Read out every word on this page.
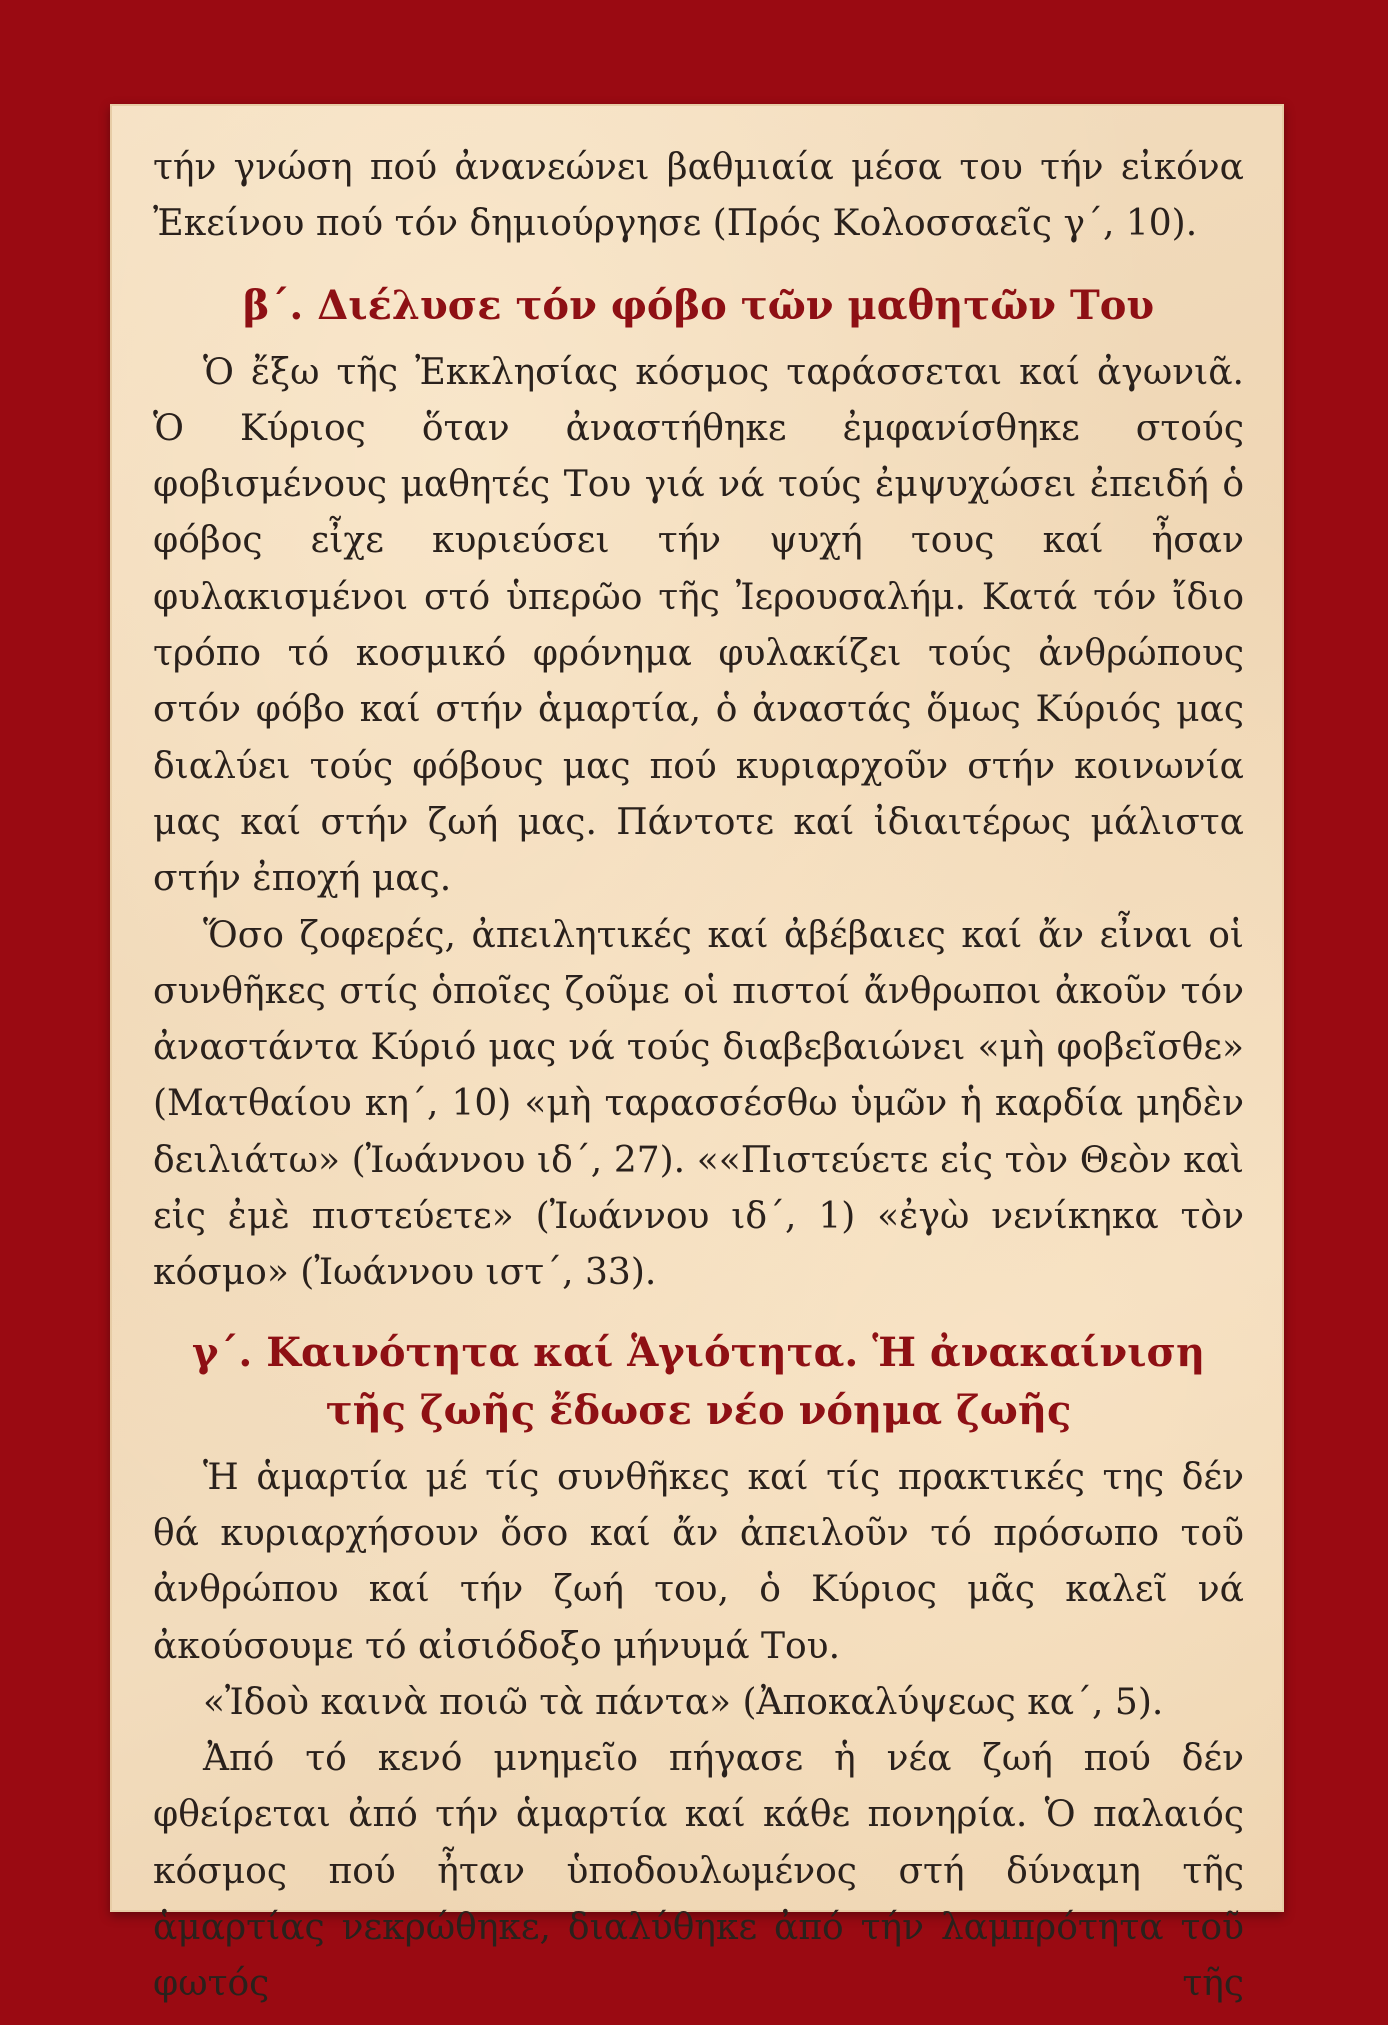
τήν γνώση πού ἀνανεώνει βαθμιαία μέσα του τήν εἰκόνα Ἐκείνου πού τόν δημιούργησε (Πρός Κολοσσαεῖς γ΄, 10).

β΄. Διέλυσε τόν φόβο τῶν μαθητῶν Του

Ὁ ἔξω τῆς Ἐκκλησίας κόσμος ταράσσεται καί ἀγωνιᾶ. Ὁ Κύριος ὅταν ἀναστήθηκε ἐμφανίσθηκε στούς φοβισμένους μαθητές Του γιά νά τούς ἐμψυχώσει ἐπειδή ὁ φόβος εἶχε κυριεύσει τήν ψυχή τους καί ἦσαν φυλακισμένοι στό ὑπερῶο τῆς Ἰερουσαλήμ. Κατά τόν ἴδιο τρόπο τό κοσμικό φρόνημα φυλακίζει τούς ἀνθρώπους στόν φόβο καί στήν ἁμαρτία, ὁ ἀναστάς ὅμως Κύριός μας διαλύει τούς φόβους μας πού κυριαρχοῦν στήν κοινωνία μας καί στήν ζωή μας. Πάντοτε καί ἰδιαιτέρως μάλιστα στήν ἐποχή μας.

Ὅσο ζοφερές, ἀπειλητικές καί ἀβέβαιες καί ἄν εἶναι οἱ συνθῆκες στίς ὁποῖες ζοῦμε οἱ πιστοί ἄνθρωποι ἀκοῦν τόν ἀναστάντα Κύριό μας νά τούς διαβεβαιώνει «μὴ φοβεῖσθε» (Ματθαίου κη΄, 10) «μὴ ταρασσέσθω ὑμῶν ἡ καρδία μηδὲν δειλιάτω» (Ἰωάννου ιδ΄, 27). ««Πιστεύετε εἰς τὸν Θεὸν καὶ εἰς ἐμὲ πιστεύετε» (Ἰωάννου ιδ΄, 1) «ἐγὼ νενίκηκα τὸν κόσμο» (Ἰωάννου ιστ΄, 33).

γ΄. Καινότητα καί Ἁγιότητα. Ἡ ἀνακαίνιση τῆς ζωῆς ἔδωσε νέο νόημα ζωῆς

Ἡ ἁμαρτία μέ τίς συνθῆκες καί τίς πρακτικές της δέν θά κυριαρχήσουν ὅσο καί ἄν ἀπειλοῦν τό πρόσωπο τοῦ ἀνθρώπου καί τήν ζωή του, ὁ Κύριος μᾶς καλεῖ νά ἀκούσουμε τό αἰσιόδοξο μήνυμά Του.

«Ἰδοὺ καινὰ ποιῶ τὰ πάντα» (Ἀποκαλύψεως κα΄, 5).

Ἀπό τό κενό μνημεῖο πήγασε ἡ νέα ζωή πού δέν φθείρεται ἀπό τήν ἁμαρτία καί κάθε πονηρία. Ὁ παλαιός κόσμος πού ἦταν ὑποδουλωμένος στή δύναμη τῆς ἁμαρτίας νεκρώθηκε, διαλύθηκε ἀπό τήν λαμπρότητα τοῦ φωτός τῆς
